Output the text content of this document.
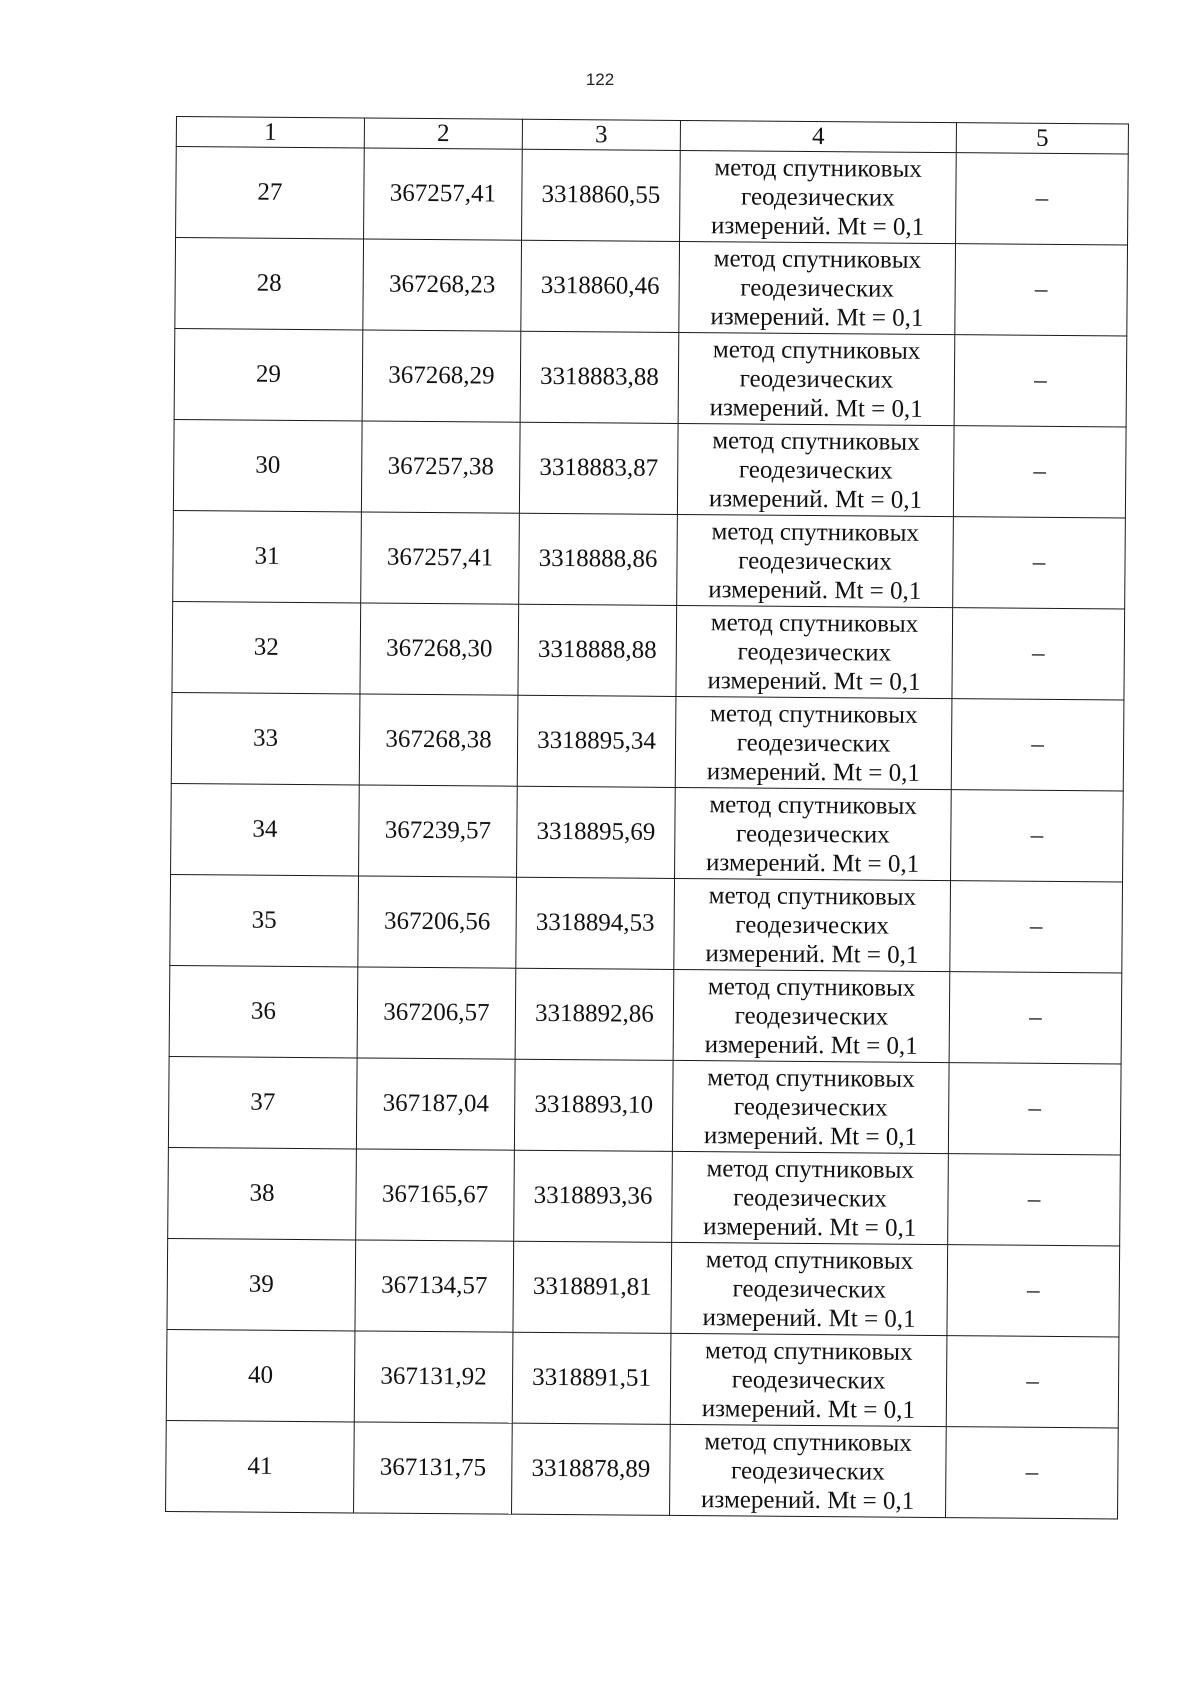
122
1	2	3	4	5
27	367257,41	3318860,55	метод спутниковых
геодезических
измерений. Mt = 0,1	–
28	367268,23	3318860,46	метод спутниковых
геодезических
измерений. Mt = 0,1	–
29	367268,29	3318883,88	метод спутниковых
геодезических
измерений. Mt = 0,1	–
30	367257,38	3318883,87	метод спутниковых
геодезических
измерений. Mt = 0,1	–
31	367257,41	3318888,86	метод спутниковых
геодезических
измерений. Mt = 0,1	–
32	367268,30	3318888,88	метод спутниковых
геодезических
измерений. Mt = 0,1	–
33	367268,38	3318895,34	метод спутниковых
геодезических
измерений. Mt = 0,1	–
34	367239,57	3318895,69	метод спутниковых
геодезических
измерений. Mt = 0,1	–
35	367206,56	3318894,53	метод спутниковых
геодезических
измерений. Mt = 0,1	–
36	367206,57	3318892,86	метод спутниковых
геодезических
измерений. Mt = 0,1	–
37	367187,04	3318893,10	метод спутниковых
геодезических
измерений. Mt = 0,1	–
38	367165,67	3318893,36	метод спутниковых
геодезических
измерений. Mt = 0,1	–
39	367134,57	3318891,81	метод спутниковых
геодезических
измерений. Mt = 0,1	–
40	367131,92	3318891,51	метод спутниковых
геодезических
измерений. Mt = 0,1	–
41	367131,75	3318878,89	метод спутниковых
геодезических
измерений. Mt = 0,1	–
